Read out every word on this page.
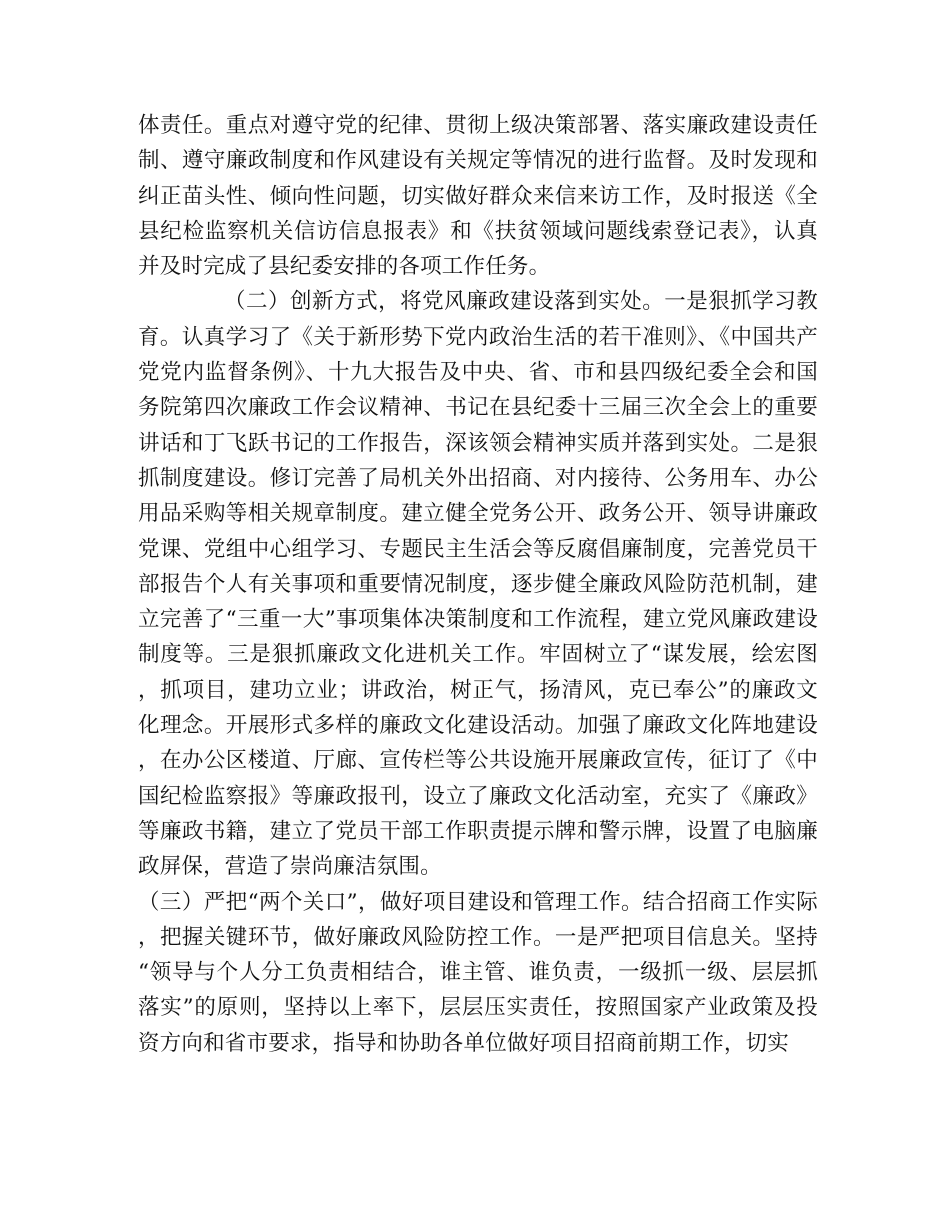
体责任。重点对遵守党的纪律、贯彻上级决策部署、落实廉政建设责任制、遵守廉政制度和作风建设有关规定等情况的进行监督。及时发现和纠正苗头性、倾向性问题，切实做好群众来信来访工作，及时报送《全县纪检监察机关信访信息报表》和《扶贫领域问题线索登记表》，认真并及时完成了县纪委安排的各项工作任务。

（二）创新方式，将党风廉政建设落到实处。一是狠抓学习教育。认真学习了《关于新形势下党内政治生活的若干准则》、《中国共产党党内监督条例》、十九大报告及中央、省、市和县四级纪委全会和国务院第四次廉政工作会议精神、书记在县纪委十三届三次全会上的重要讲话和丁飞跃书记的工作报告，深该领会精神实质并落到实处。二是狠抓制度建设。修订完善了局机关外出招商、对内接待、公务用车、办公用品采购等相关规章制度。建立健全党务公开、政务公开、领导讲廉政党课、党组中心组学习、专题民主生活会等反腐倡廉制度，完善党员干部报告个人有关事项和重要情况制度，逐步健全廉政风险防范机制，建立完善了“三重一大”事项集体决策制度和工作流程，建立党风廉政建设制度等。三是狠抓廉政文化进机关工作。牢固树立了“谋发展，绘宏图，抓项目，建功立业；讲政治，树正气，扬清风，克已奉公”的廉政文化理念。开展形式多样的廉政文化建设活动。加强了廉政文化阵地建设，在办公区楼道、厅廊、宣传栏等公共设施开展廉政宣传，征订了《中国纪检监察报》等廉政报刊，设立了廉政文化活动室，充实了《廉政》等廉政书籍，建立了党员干部工作职责提示牌和警示牌，设置了电脑廉政屏保，营造了崇尚廉洁氛围。

（三）严把“两个关口”，做好项目建设和管理工作。结合招商工作实际，把握关键环节，做好廉政风险防控工作。一是严把项目信息关。坚持“领导与个人分工负责相结合，谁主管、谁负责，一级抓一级、层层抓落实”的原则，坚持以上率下，层层压实责任，按照国家产业政策及投资方向和省市要求，指导和协助各单位做好项目招商前期工作，切实
